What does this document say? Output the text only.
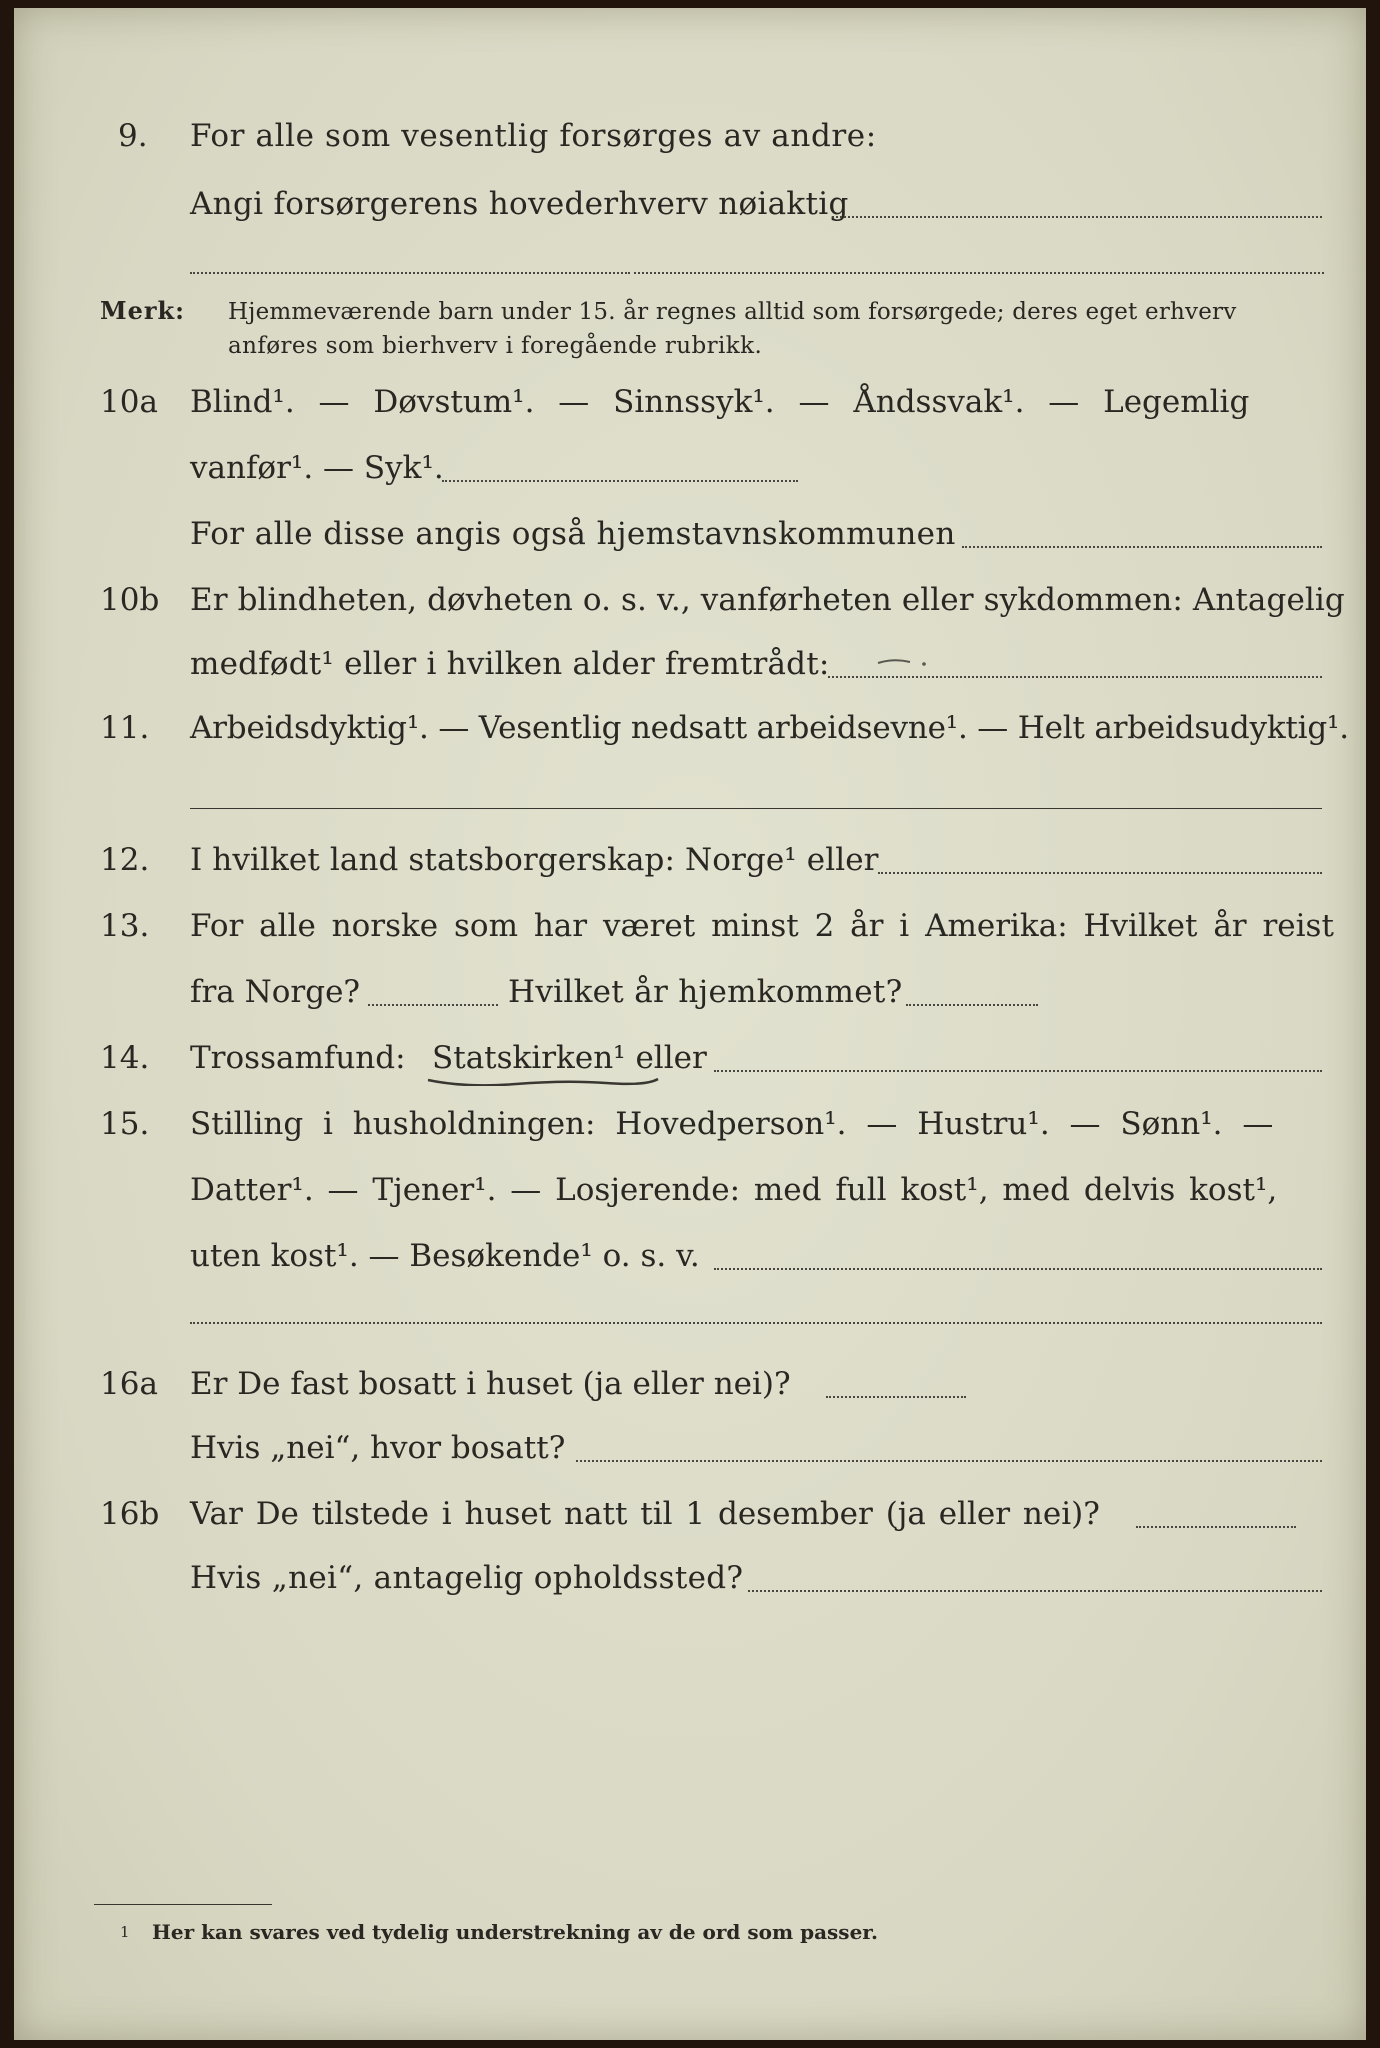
9. For alle som vesentlig forsørges av andre:
Angi forsørgerens hovederhverv nøiaktig
Merk: Hjemmeværende barn under 15. år regnes alltid som forsørgede; deres eget erhverv
anføres som bierhverv i foregående rubrikk.
10a Blind¹. — Døvstum¹. — Sinnssyk¹. — Åndssvak¹. — Legemlig
vanfør¹. — Syk¹.
For alle disse angis også hjemstavnskommunen
10b Er blindheten, døvheten o. s. v., vanførheten eller sykdommen: Antagelig
medfødt¹ eller i hvilken alder fremtrådt:
11. Arbeidsdyktig¹. — Vesentlig nedsatt arbeidsevne¹. — Helt arbeidsudyktig¹.
12. I hvilket land statsborgerskap: Norge¹ eller
13. For alle norske som har været minst 2 år i Amerika: Hvilket år reist
fra Norge?	Hvilket år hjemkommet?
14. Trossamfund: Statskirken¹ eller
15. Stilling i husholdningen: Hovedperson¹. — Hustru¹. — Sønn¹. —
Datter¹. — Tjener¹. — Losjerende: med full kost¹, med delvis kost¹,
uten kost¹. — Besøkende¹ o. s. v.
16a Er De fast bosatt i huset (ja eller nei)?
Hvis „nei“, hvor bosatt?
16b Var De tilstede i huset natt til 1 desember (ja eller nei)?
Hvis „nei“, antagelig opholdssted?
1 Her kan svares ved tydelig understrekning av de ord som passer.
